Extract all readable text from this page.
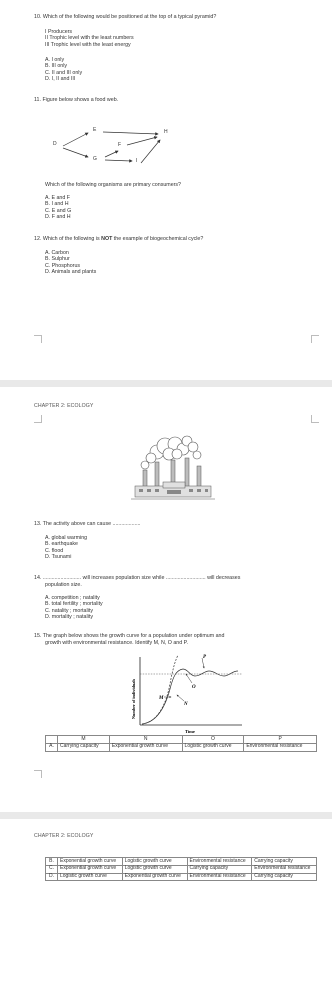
10. Which of the following would be positioned at the top of a typical pyramid?
I Producers
II Trophic level with the least numbers
III Trophic level with the least energy
A. I only
B. III only
C. II and III only
D. I, II and III
11. Figure below shows a food web.
D
E
F
G
H
I
Which of the following organisms are primary consumers?
A. E and F
B. I and H
C. E and G
D. F and H
12. Which of the following is NOT the example of biogeochemical cycle?
A. Carbon
B. Sulphur
C. Phosphorus
D. Animals and plants
CHAPTER 2: ECOLOGY
13. The activity above can cause ...................
A. global warming
B. earthquake
C. flood
D. Tsunami
14. .......................... will increases population size while ........................... will decreases
population size.
A. competition ; natality
B. total fertility ; mortality
C. natality ; mortality
D. mortality ; natality
15. The graph below shows the growth curve for a population under optimum and
growth with environmental resistance. Identify M, N, O and P.
P
O
M
N
Number of individuals
Time
	M	N	O	P
A.	Carrying capacity	Exponential growth curve	Logistic growth curve	Environmental resistance
CHAPTER 2: ECOLOGY
B.	Exponential growth curve	Logistic growth curve	Environmental resistance	Carrying capacity
C.	Exponential growth curve	Logistic growth curve	Carrying capacity	Environmental resistance
D.	Logistic growth curve	Exponential growth curve	Environmental resistance	Carrying capacity
